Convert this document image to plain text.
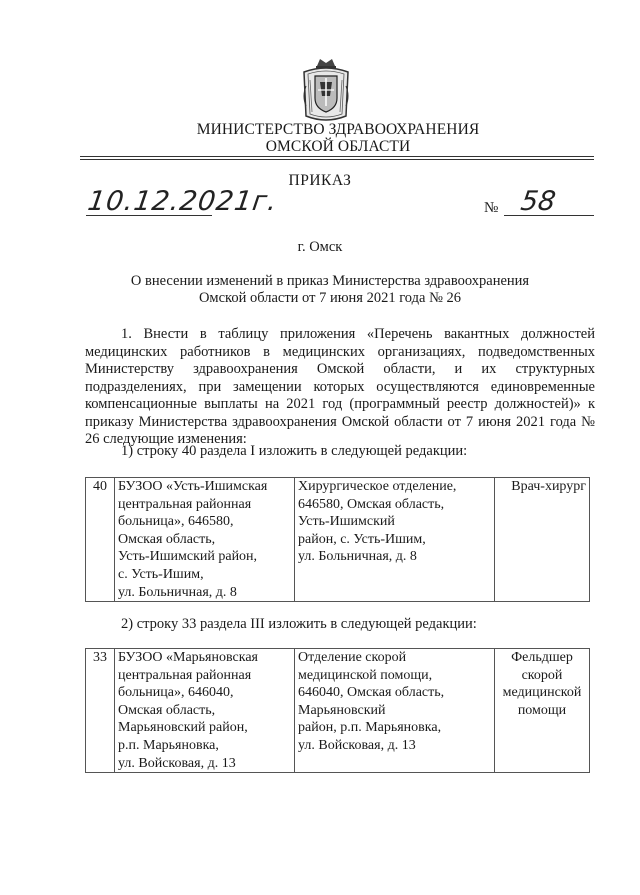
МИНИСТЕРСТВО ЗДРАВООХРАНЕНИЯ
ОМСКОЙ ОБЛАСТИ
ПРИКАЗ
10.12.2021г.	№ 58
г. Омск
О внесении изменений в приказ Министерства здравоохранения
Омской области от 7 июня 2021 года № 26

1. Внести в таблицу приложения «Перечень вакантных должностей медицинских работников в медицинских организациях, подведомственных Министерству здравоохранения Омской области, и их структурных подразделениях, при замещении которых осуществляются единовременные компенсационные выплаты на 2021 год (программный реестр должностей)» к приказу Министерства здравоохранения Омской области от 7 июня 2021 года № 26 следующие изменения:

1) строку 40 раздела I изложить в следующей редакции:
40	БУЗОО «Усть-Ишимская
центральная районная
больница», 646580,
Омская область,
Усть-Ишимский район,
с. Усть-Ишим,
ул. Больничная, д. 8

Хирургическое отделение,
646580, Омская область,
Усть-Ишимский
район, с. Усть-Ишим,
ул. Больничная, д. 8

Врач-хирург
2) строку 33 раздела III изложить в следующей редакции:
33	БУЗОО «Марьяновская
центральная районная
больница», 646040,
Омская область,
Марьяновский район,
р.п. Марьяновка,
ул. Войсковая, д. 13

Отделение скорой
медицинской помощи,
646040, Омская область,
Марьяновский
район, р.п. Марьяновка,
ул. Войсковая, д. 13

Фельдшер
скорой
медицинской
помощи
